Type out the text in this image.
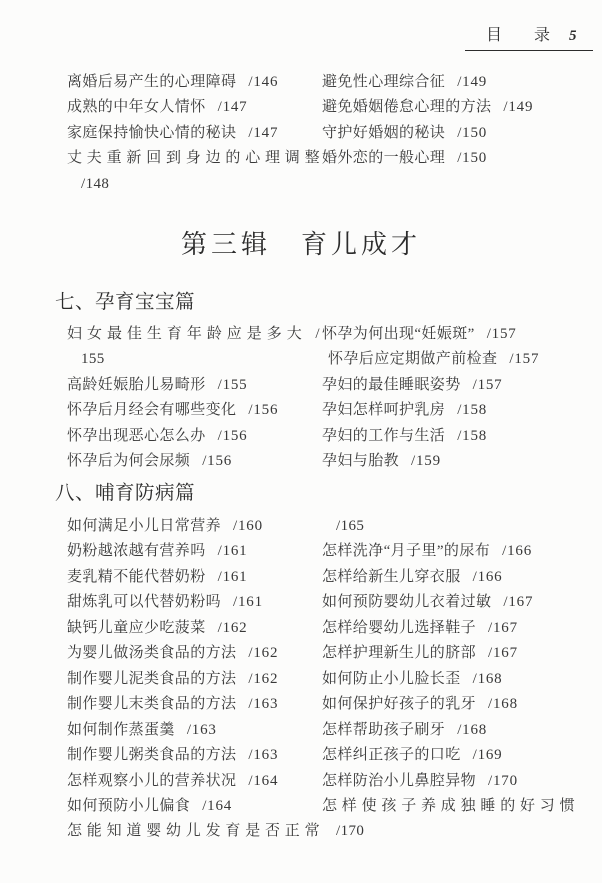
目 录 5
离婚后易产生的心理障碍 /146
成熟的中年女人情怀 /147
家庭保持愉快心情的秘诀 /147
丈夫重新回到身边的心理调整
/148
避免性心理综合征 /149
避免婚姻倦怠心理的方法 /149
守护好婚姻的秘诀 /150
婚外恋的一般心理 /150
第三辑　育儿成才
七、孕育宝宝篇
妇女最佳生育年龄应是多大 /
155
高龄妊娠胎儿易畸形 /155
怀孕后月经会有哪些变化 /156
怀孕出现恶心怎么办 /156
怀孕后为何会尿频 /156
怀孕为何出现“妊娠斑” /157
怀孕后应定期做产前检查 /157
孕妇的最佳睡眠姿势 /157
孕妇怎样呵护乳房 /158
孕妇的工作与生活 /158
孕妇与胎教 /159
八、哺育防病篇
如何满足小儿日常营养 /160
奶粉越浓越有营养吗 /161
麦乳精不能代替奶粉 /161
甜炼乳可以代替奶粉吗 /161
缺钙儿童应少吃菠菜 /162
为婴儿做汤类食品的方法 /162
制作婴儿泥类食品的方法 /162
制作婴儿末类食品的方法 /163
如何制作蒸蛋羹 /163
制作婴儿粥类食品的方法 /163
怎样观察小儿的营养状况 /164
如何预防小儿偏食 /164
怎能知道婴幼儿发育是否正常
/165
怎样洗净“月子里”的尿布 /166
怎样给新生儿穿衣服 /166
如何预防婴幼儿衣着过敏 /167
怎样给婴幼儿选择鞋子 /167
怎样护理新生儿的脐部 /167
如何防止小儿脸长歪 /168
如何保护好孩子的乳牙 /168
怎样帮助孩子刷牙 /168
怎样纠正孩子的口吃 /169
怎样防治小儿鼻腔异物 /170
怎样使孩子养成独睡的好习惯
/170
